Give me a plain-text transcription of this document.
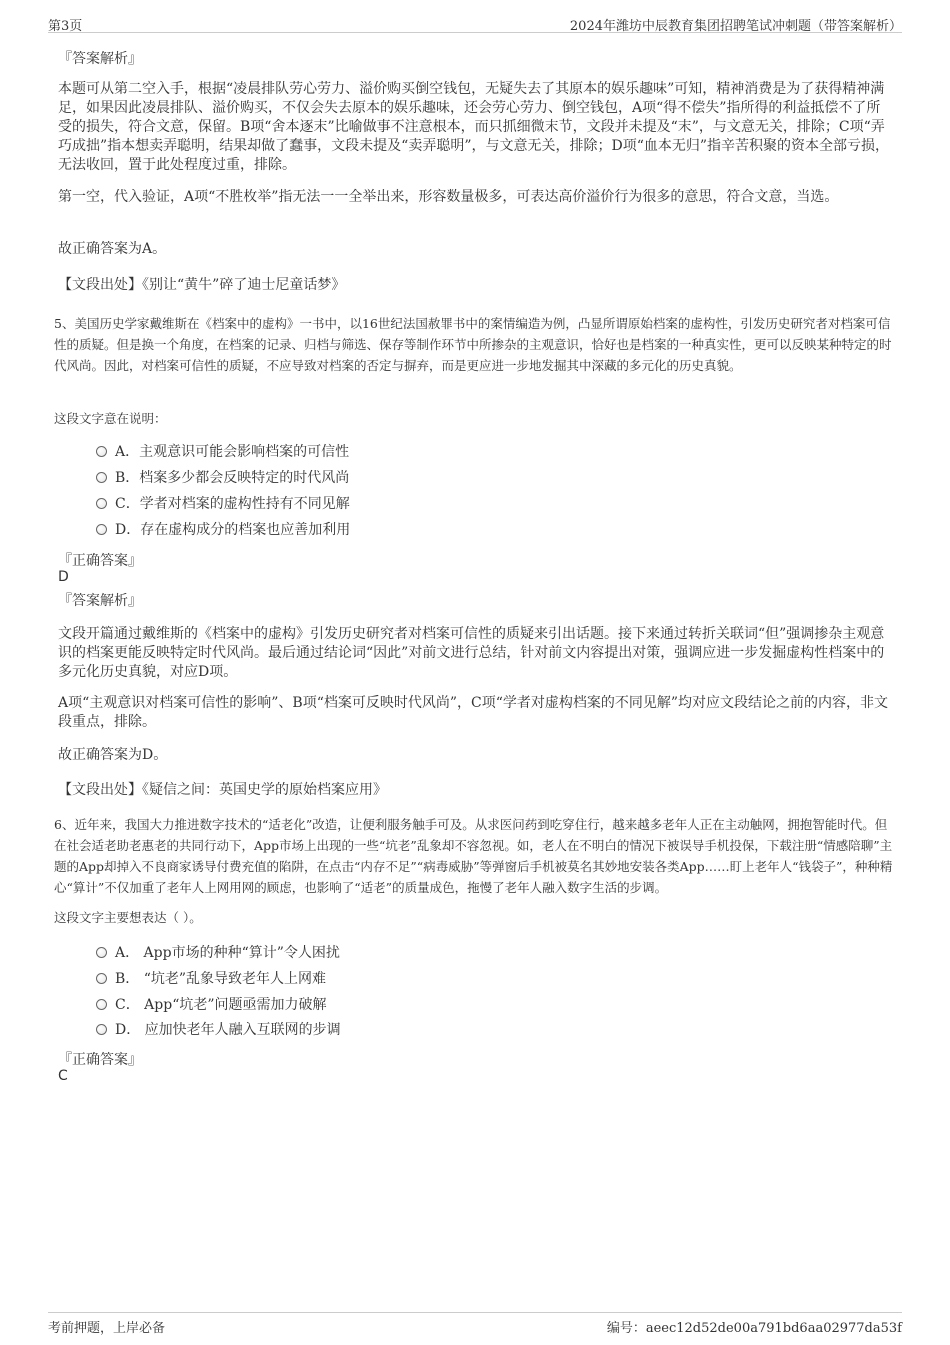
第3页	2024年潍坊中辰教育集团招聘笔试冲刺题（带答案解析）
『答案解析』
本题可从第二空入手，根据“凌晨排队劳心劳力、溢价购买倒空钱包，无疑失去了其原本的娱乐趣味”可知，精神消费是为了获得精神满足，如果因此凌晨排队、溢价购买，不仅会失去原本的娱乐趣味，还会劳心劳力、倒空钱包，A项“得不偿失”指所得的利益抵偿不了所受的损失，符合文意，保留。B项“舍本逐末”比喻做事不注意根本，而只抓细微末节，文段并未提及“末”，与文意无关，排除；C项“弄巧成拙”指本想卖弄聪明，结果却做了蠢事，文段未提及“卖弄聪明”，与文意无关，排除；D项“血本无归”指辛苦积聚的资本全部亏损，无法收回，置于此处程度过重，排除。
第一空，代入验证，A项“不胜枚举”指无法一一全举出来，形容数量极多，可表达高价溢价行为很多的意思，符合文意，当选。
故正确答案为A。
【文段出处】《别让“黄牛”碎了迪士尼童话梦》
5、美国历史学家戴维斯在《档案中的虚构》一书中，以16世纪法国赦罪书中的案情编造为例，凸显所谓原始档案的虚构性，引发历史研究者对档案可信性的质疑。但是换一个角度，在档案的记录、归档与筛选、保存等制作环节中所掺杂的主观意识，恰好也是档案的一种真实性，更可以反映某种特定的时代风尚。因此，对档案可信性的质疑，不应导致对档案的否定与摒弃，而是更应进一步地发掘其中深藏的多元化的历史真貌。
这段文字意在说明：
A．主观意识可能会影响档案的可信性
B．档案多少都会反映特定的时代风尚
C．学者对档案的虚构性持有不同见解
D．存在虚构成分的档案也应善加利用
『正确答案』
D
『答案解析』
文段开篇通过戴维斯的《档案中的虚构》引发历史研究者对档案可信性的质疑来引出话题。接下来通过转折关联词“但”强调掺杂主观意识的档案更能反映特定时代风尚。最后通过结论词“因此”对前文进行总结，针对前文内容提出对策，强调应进一步发掘虚构性档案中的多元化历史真貌，对应D项。
A项“主观意识对档案可信性的影响”、B项“档案可反映时代风尚”，C项“学者对虚构档案的不同见解”均对应文段结论之前的内容，非文段重点，排除。
故正确答案为D。
【文段出处】《疑信之间：英国史学的原始档案应用》
6、近年来，我国大力推进数字技术的“适老化”改造，让便利服务触手可及。从求医问药到吃穿住行，越来越多老年人正在主动触网，拥抱智能时代。但在社会适老助老惠老的共同行动下，App市场上出现的一些“坑老”乱象却不容忽视。如，老人在不明白的情况下被误导手机投保，下载注册“情感陪聊”主题的App却掉入不良商家诱导付费充值的陷阱，在点击“内存不足”“病毒威胁”等弹窗后手机被莫名其妙地安装各类App……盯上老年人“钱袋子”，种种精心“算计”不仅加重了老年人上网用网的顾虑，也影响了“适老”的质量成色，拖慢了老年人融入数字生活的步调。
这段文字主要想表达（ ）。
A． App市场的种种“算计”令人困扰
B． “坑老”乱象导致老年人上网难
C． App“坑老”问题亟需加力破解
D． 应加快老年人融入互联网的步调
『正确答案』
C
考前押题，上岸必备	编号：aeec12d52de00a791bd6aa02977da53f
